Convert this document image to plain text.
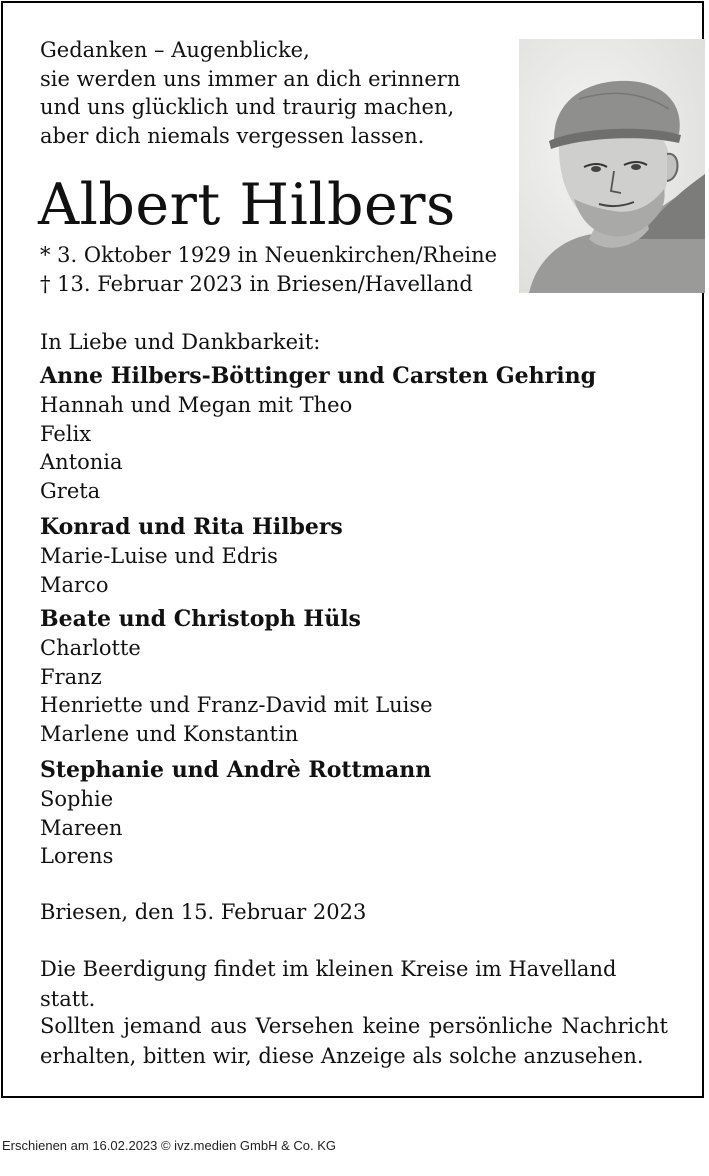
Gedanken – Augenblicke,
sie werden uns immer an dich erinnern
und uns glücklich und traurig machen,
aber dich niemals vergessen lassen.
Albert Hilbers
* 3. Oktober 1929 in Neuenkirchen/Rheine
† 13. Februar 2023 in Briesen/Havelland
In Liebe und Dankbarkeit:
Anne Hilbers-Böttinger und Carsten Gehring
Hannah und Megan mit Theo
Felix
Antonia
Greta
Konrad und Rita Hilbers
Marie-Luise und Edris
Marco
Beate und Christoph Hüls
Charlotte
Franz
Henriette und Franz-David mit Luise
Marlene und Konstantin
Stephanie und Andrè Rottmann
Sophie
Mareen
Lorens
Briesen, den 15. Februar 2023
Die Beerdigung findet im kleinen Kreise im Havelland statt.
Sollten jemand aus Versehen keine persönliche Nachricht erhalten, bitten wir, diese Anzeige als solche anzusehen.
Erschienen am 16.02.2023 © ivz.medien GmbH & Co. KG
